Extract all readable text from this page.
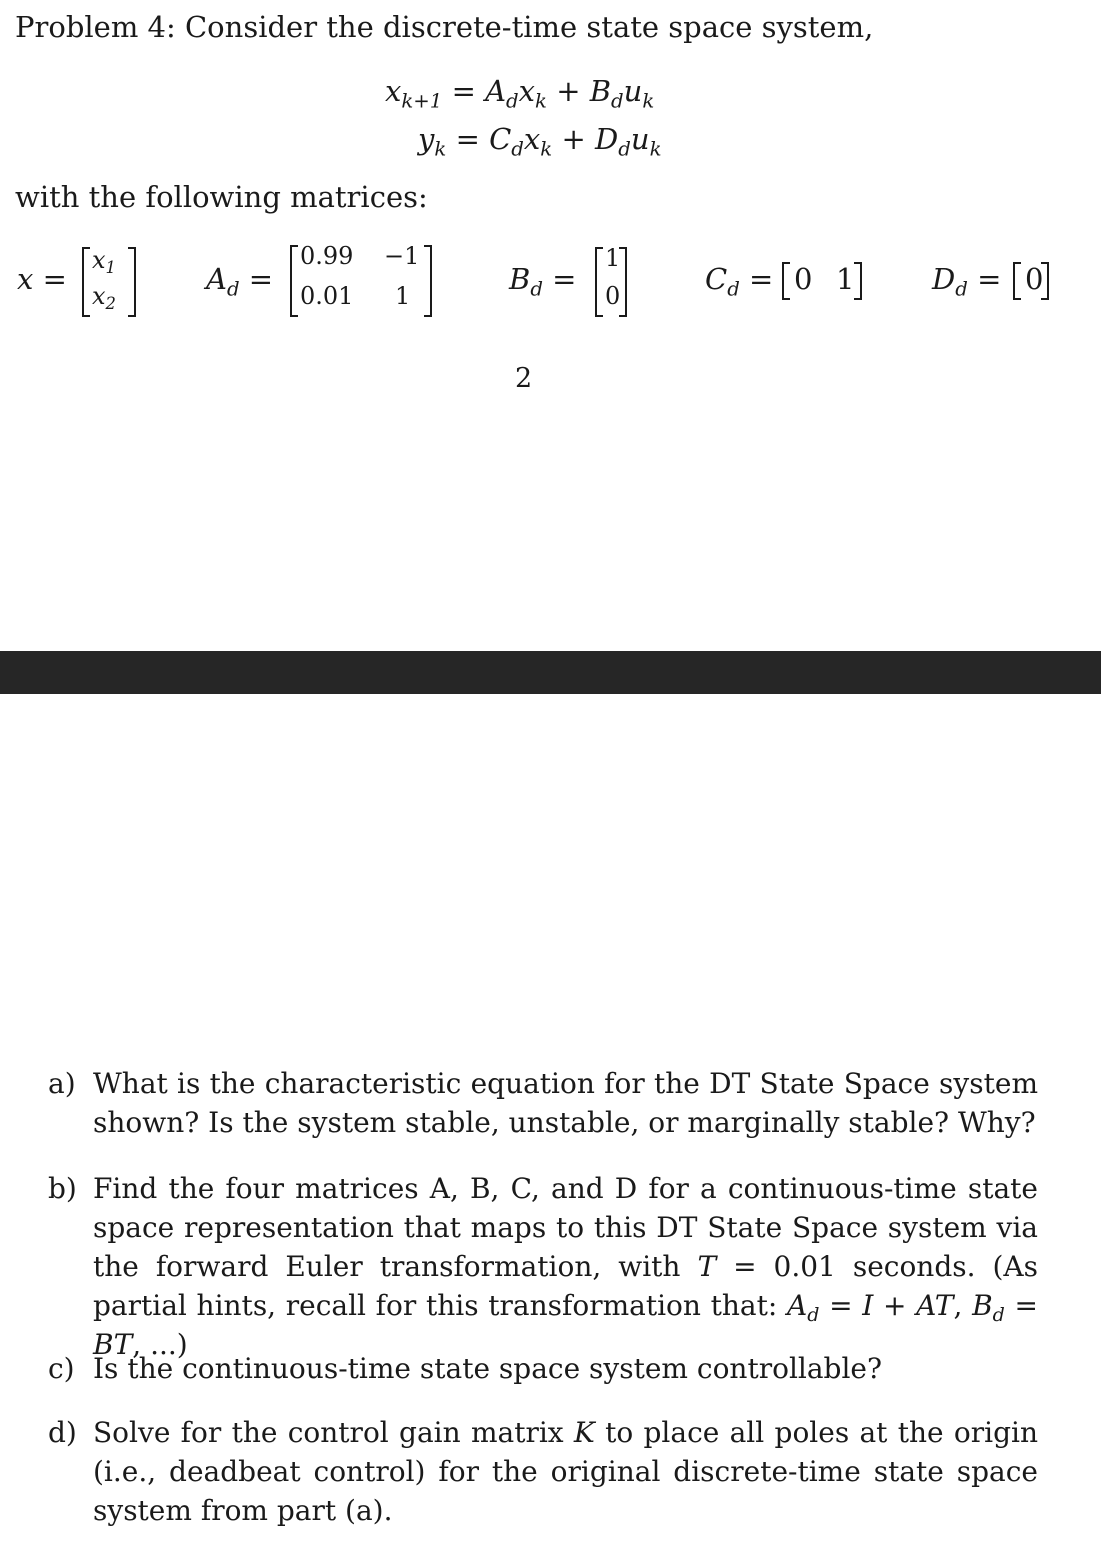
Problem 4: Consider the discrete-time state space system,
$x_{k+1} = A_dx_k + B_du_k$
$y_k = C_dx_k + D_du_k$
with the following matrices:
x =
$x_1$
$x_2$
$A_d$ =
0.99 −1
0.01 1	$B_d$ =
1
0	$C_d = 0$ 1	$D_d = 0$
2
a) What is the characteristic equation for the DT State Space system shown? Is the system stable, unstable, or marginally stable? Why?
b) Find the four matrices A, B, C, and D for a continuous-time state space representation that maps to this DT State Space system via the forward Euler transformation, with T = 0.01 seconds. (As partial hints, recall for this transformation that: $A_d = I$ + AT, $B_d$ = BT, ...)
c) Is the continuous-time state space system controllable?
d) Solve for the control gain matrix K to place all poles at the origin (i.e., deadbeat control) for the original discrete-time state space system from part (a).
